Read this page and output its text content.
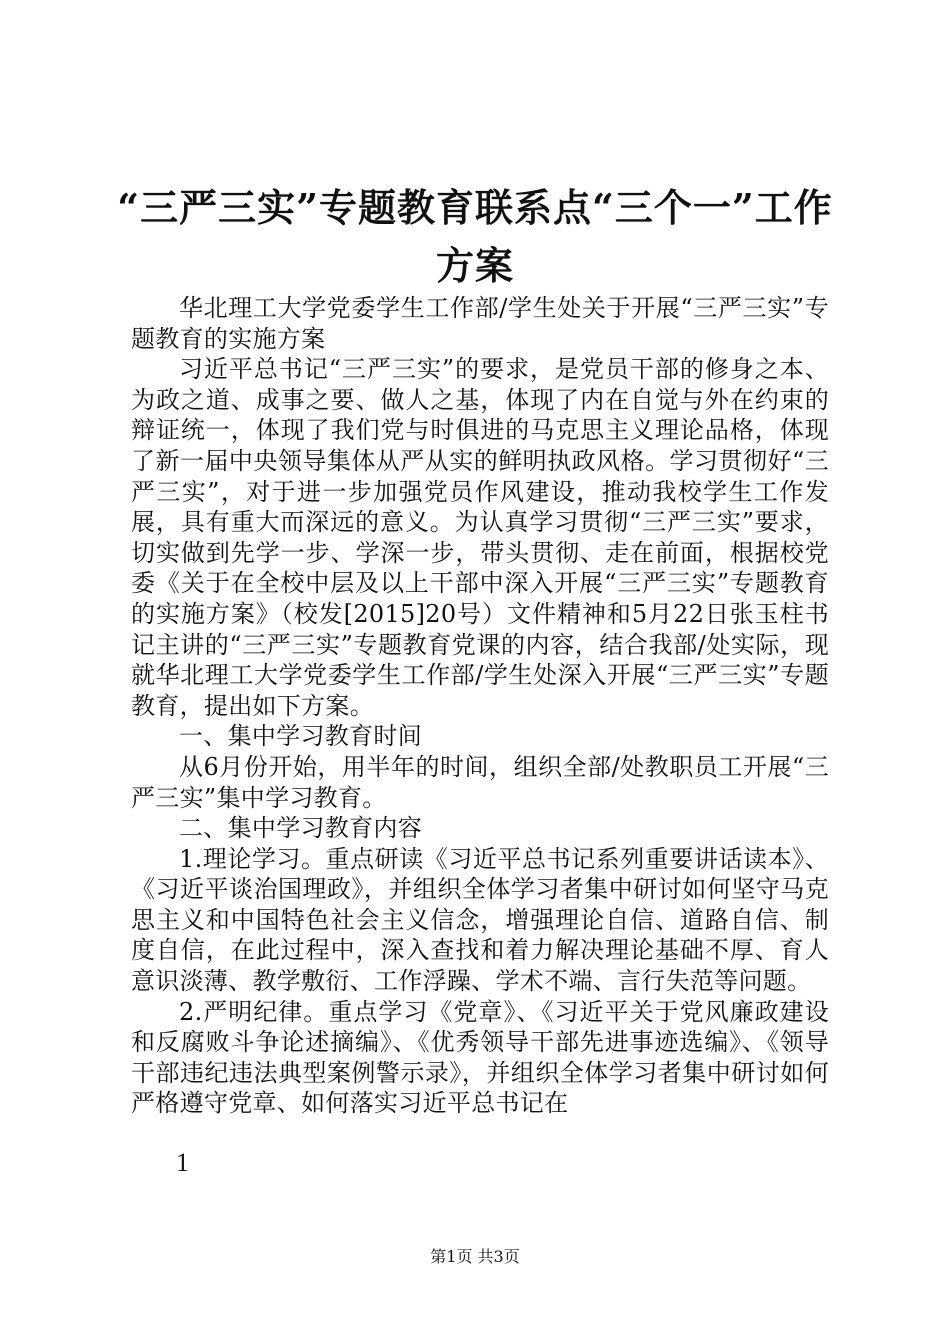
“三严三实”专题教育联系点“三个一”工作
方案

华北理工大学党委学生工作部/学生处关于开展“三严三实”专题教育的实施方案

习近平总书记“三严三实”的要求，是党员干部的修身之本、为政之道、成事之要、做人之基，体现了内在自觉与外在约束的辩证统一，体现了我们党与时俱进的马克思主义理论品格，体现了新一届中央领导集体从严从实的鲜明执政风格。学习贯彻好“三严三实”，对于进一步加强党员作风建设，推动我校学生工作发展，具有重大而深远的意义。为认真学习贯彻“三严三实”要求，切实做到先学一步、学深一步，带头贯彻、走在前面，根据校党委《关于在全校中层及以上干部中深入开展“三严三实”专题教育的实施方案》（校发[2015]20号）文件精神和5月22日张玉柱书记主讲的“三严三实”专题教育党课的内容，结合我部/处实际，现就华北理工大学党委学生工作部/学生处深入开展“三严三实”专题教育，提出如下方案。

一、集中学习教育时间

从6月份开始，用半年的时间，组织全部/处教职员工开展“三严三实”集中学习教育。

二、集中学习教育内容

1.理论学习。重点研读《习近平总书记系列重要讲话读本》、《习近平谈治国理政》，并组织全体学习者集中研讨如何坚守马克思主义和中国特色社会主义信念，增强理论自信、道路自信、制度自信，在此过程中，深入查找和着力解决理论基础不厚、育人意识淡薄、教学敷衍、工作浮躁、学术不端、言行失范等问题。

2.严明纪律。重点学习《党章》、《习近平关于党风廉政建设和反腐败斗争论述摘编》、《优秀领导干部先进事迹选编》、《领导干部违纪违法典型案例警示录》，并组织全体学习者集中研讨如何严格遵守党章、如何落实习近平总书记在

1
第1页 共3页
